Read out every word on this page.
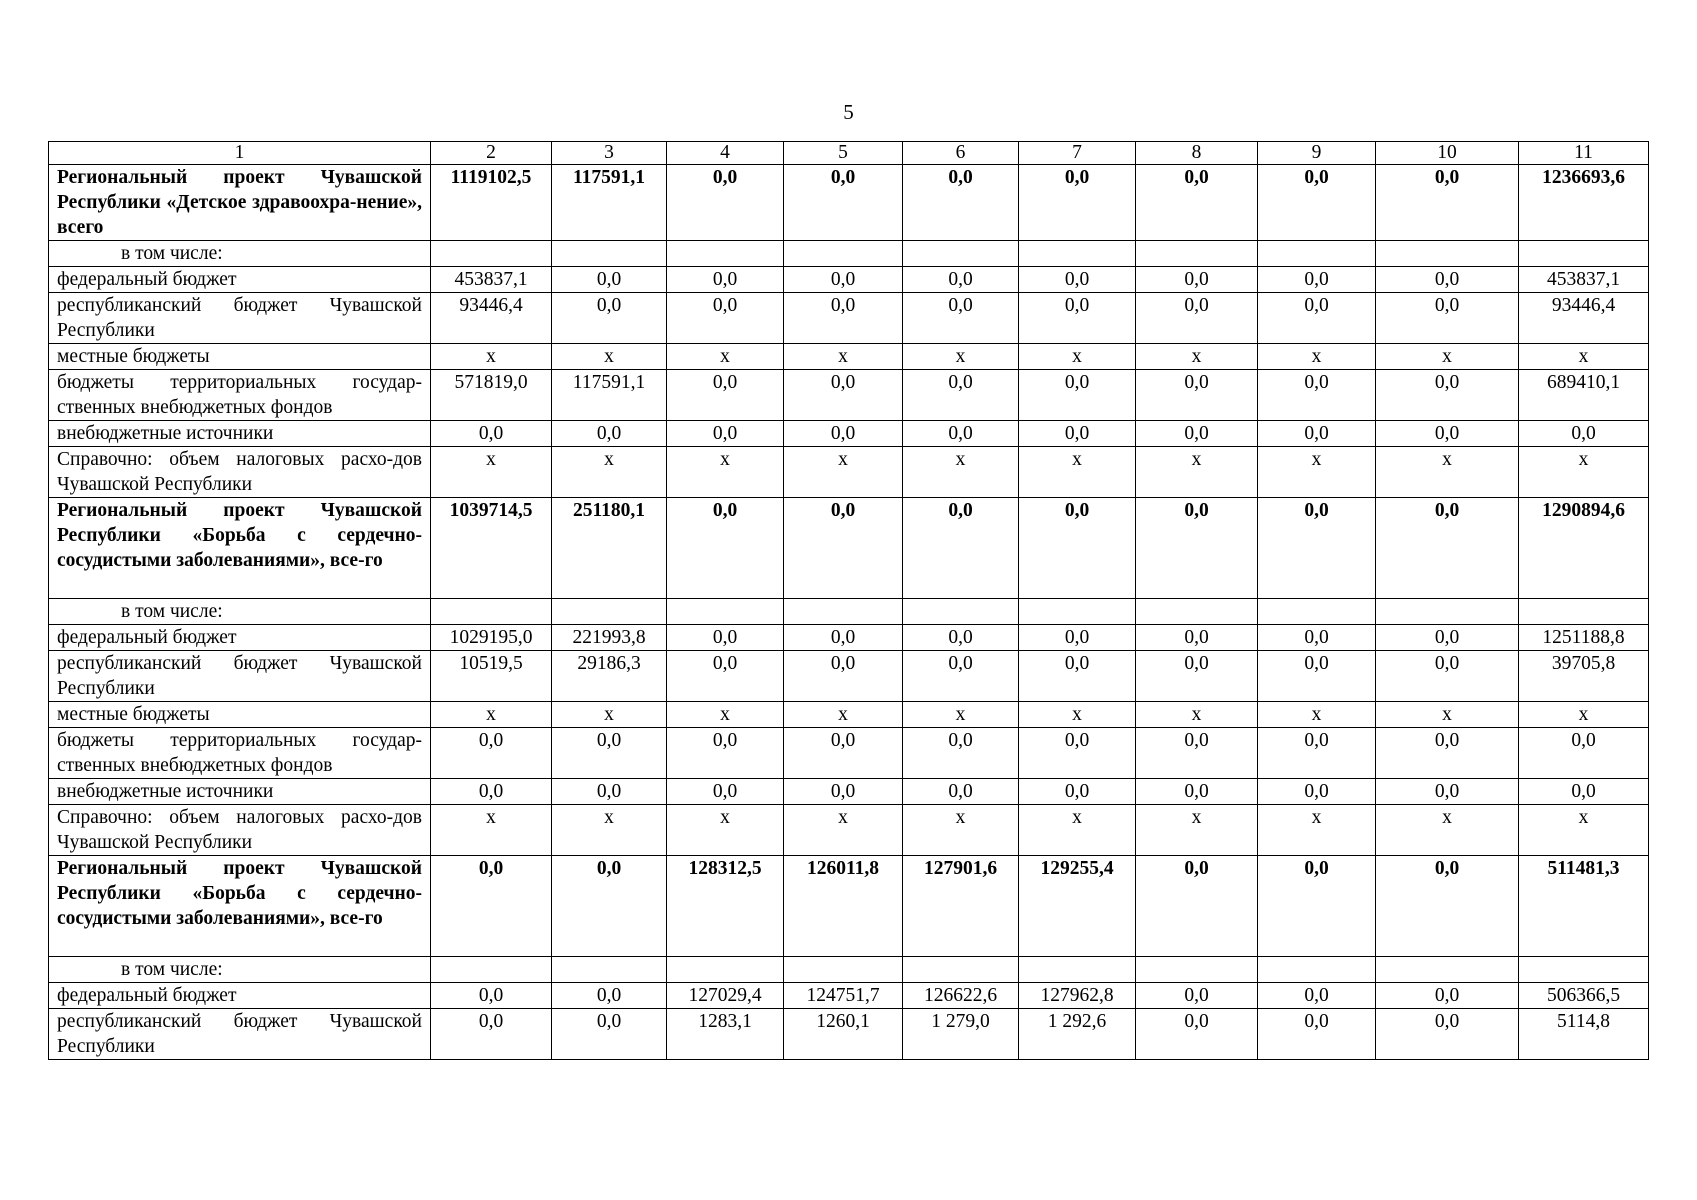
5
1	2	3	4	5	6	7	8	9	10	11
Региональный проект Чувашской Республики «Детское здравоохра-нение», всего	1119102,5	117591,1	0,0	0,0	0,0	0,0	0,0	0,0	0,0	1236693,6
в том числе:										
федеральный бюджет	453837,1	0,0	0,0	0,0	0,0	0,0	0,0	0,0	0,0	453837,1
республиканский бюджет Чувашской Республики	93446,4	0,0	0,0	0,0	0,0	0,0	0,0	0,0	0,0	93446,4
местные бюджеты	x	x	x	x	x	x	x	x	x	x
бюджеты территориальных государ-ственных внебюджетных фондов	571819,0	117591,1	0,0	0,0	0,0	0,0	0,0	0,0	0,0	689410,1
внебюджетные источники	0,0	0,0	0,0	0,0	0,0	0,0	0,0	0,0	0,0	0,0
Справочно: объем налоговых расхо-дов Чувашской Республики	x	x	x	x	x	x	x	x	x	x
Региональный проект Чувашской Республики «Борьба с сердечно-сосудистыми заболеваниями», все-го	1039714,5	251180,1	0,0	0,0	0,0	0,0	0,0	0,0	0,0	1290894,6
в том числе:										
федеральный бюджет	1029195,0	221993,8	0,0	0,0	0,0	0,0	0,0	0,0	0,0	1251188,8
республиканский бюджет Чувашской Республики	10519,5	29186,3	0,0	0,0	0,0	0,0	0,0	0,0	0,0	39705,8
местные бюджеты	x	x	x	x	x	x	x	x	x	x
бюджеты территориальных государ-ственных внебюджетных фондов	0,0	0,0	0,0	0,0	0,0	0,0	0,0	0,0	0,0	0,0
внебюджетные источники	0,0	0,0	0,0	0,0	0,0	0,0	0,0	0,0	0,0	0,0
Справочно: объем налоговых расхо-дов Чувашской Республики	x	x	x	x	x	x	x	x	x	x
Региональный проект Чувашской Республики «Борьба с сердечно-сосудистыми заболеваниями», все-го	0,0	0,0	128312,5	126011,8	127901,6	129255,4	0,0	0,0	0,0	511481,3
в том числе:										
федеральный бюджет	0,0	0,0	127029,4	124751,7	126622,6	127962,8	0,0	0,0	0,0	506366,5
республиканский бюджет Чувашской Республики	0,0	0,0	1283,1	1260,1	1 279,0	1 292,6	0,0	0,0	0,0	5114,8
